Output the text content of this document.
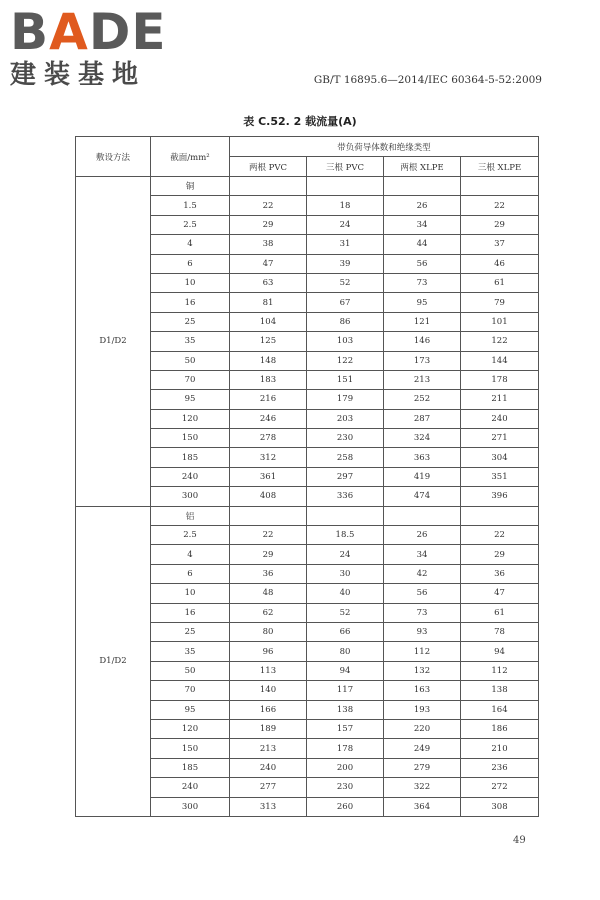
BADE
建装基地	GB/T 16895.6—2014/IEC 60364-5-52:2009
表 C.52. 2 载流量(A)
敷设方法	截面/mm²	带负荷导体数和绝缘类型			
		两根 PVC	三根 PVC	两根 XLPE	三根 XLPE
D1/D2	铜				
	1.5	22	18	26	22
	2.5	29	24	34	29
	4	38	31	44	37
	6	47	39	56	46
	10	63	52	73	61
	16	81	67	95	79
	25	104	86	121	101
	35	125	103	146	122
	50	148	122	173	144
	70	183	151	213	178
	95	216	179	252	211
	120	246	203	287	240
	150	278	230	324	271
	185	312	258	363	304
	240	361	297	419	351
	300	408	336	474	396
D1/D2	铝				
	2.5	22	18.5	26	22
	4	29	24	34	29
	6	36	30	42	36
	10	48	40	56	47
	16	62	52	73	61
	25	80	66	93	78
	35	96	80	112	94
	50	113	94	132	112
	70	140	117	163	138
	95	166	138	193	164
	120	189	157	220	186
	150	213	178	249	210
	185	240	200	279	236
	240	277	230	322	272
	300	313	260	364	308
49
